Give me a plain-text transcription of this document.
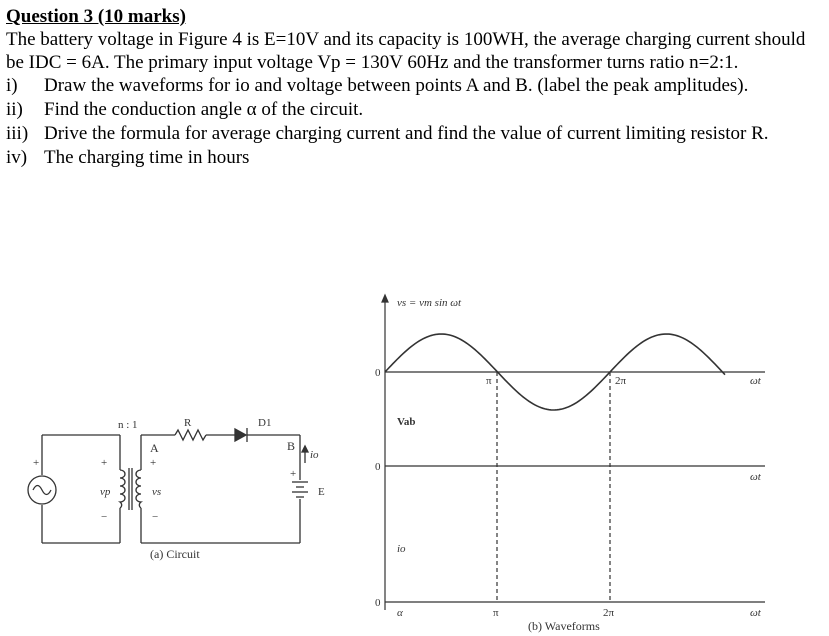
Question 3 (10 marks)

The battery voltage in Figure 4 is E=10V and its capacity is 100WH, the average charging current should be IDC = 6A. The primary input voltage Vp = 130V 60Hz and the transformer turns ratio n=2:1.

i) Draw the waveforms for io and voltage between points A and B. (label the peak amplitudes).
ii) Find the conduction angle α of the circuit.
iii) Drive the formula for average charging current and find the value of current limiting resistor R.
iv) The charging time in hours
n : 1	R
A	B
D1
vp	vs
io
E
+
−
+
−
+
+
(a) Circuit
vs = vm sin ωt
0
Vab
0
io
0
π	2π	ωt
ωt
α	π	2π	ωt
(b) Waveforms
